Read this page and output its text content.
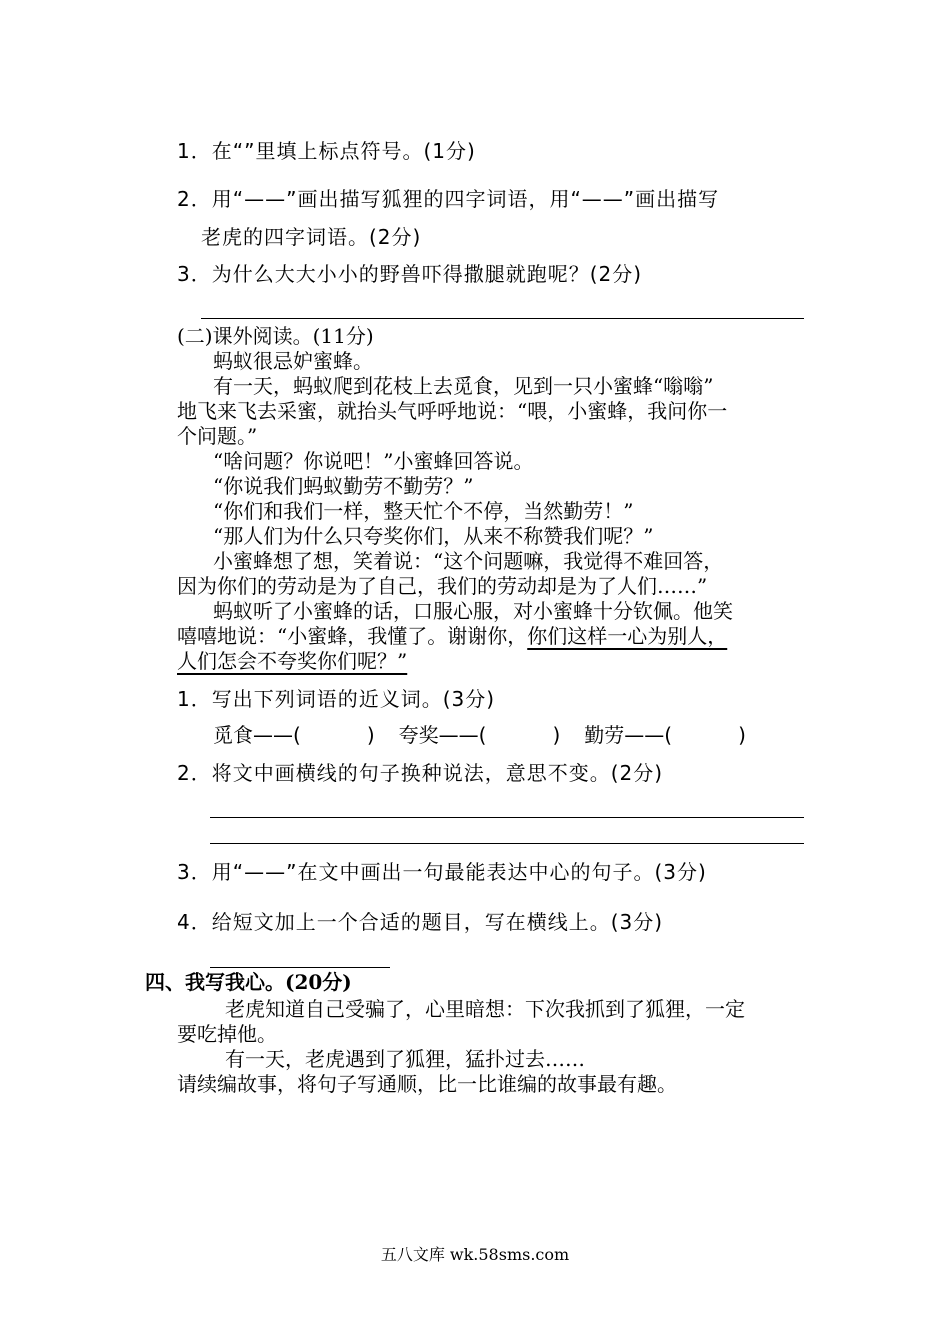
1．在“”里填上标点符号。(1分)
2．用“——”画出描写狐狸的四字词语，用“——”画出描写
老虎的四字词语。(2分)
3．为什么大大小小的野兽吓得撒腿就跑呢？(2分)
(二)课外阅读。(11分)
蚂蚁很忌妒蜜蜂。
有一天，蚂蚁爬到花枝上去觅食，见到一只小蜜蜂“嗡嗡”
地飞来飞去采蜜，就抬头气呼呼地说：“喂，小蜜蜂，我问你一
个问题。”
“啥问题？你说吧！”小蜜蜂回答说。
“你说我们蚂蚁勤劳不勤劳？”
“你们和我们一样，整天忙个不停，当然勤劳！”
“那人们为什么只夸奖你们，从来不称赞我们呢？”
小蜜蜂想了想，笑着说：“这个问题嘛，我觉得不难回答，
因为你们的劳动是为了自己，我们的劳动却是为了人们……”
蚂蚁听了小蜜蜂的话，口服心服，对小蜜蜂十分钦佩。他笑
嘻嘻地说：“小蜜蜂，我懂了。谢谢你，你们这样一心为别人，
人们怎会不夸奖你们呢？”
1．写出下列词语的近义词。(3分)
觅食——(	) 夸奖——(	) 勤劳——(	)
2．将文中画横线的句子换种说法，意思不变。(2分)
3．用“——”在文中画出一句最能表达中心的句子。(3分)
4．给短文加上一个合适的题目，写在横线上。(3分)
四、我写我心。(20分)
老虎知道自己受骗了，心里暗想：下次我抓到了狐狸，一定
要吃掉他。
有一天，老虎遇到了狐狸，猛扑过去……
请续编故事，将句子写通顺，比一比谁编的故事最有趣。
五八文库 wk.58sms.com
